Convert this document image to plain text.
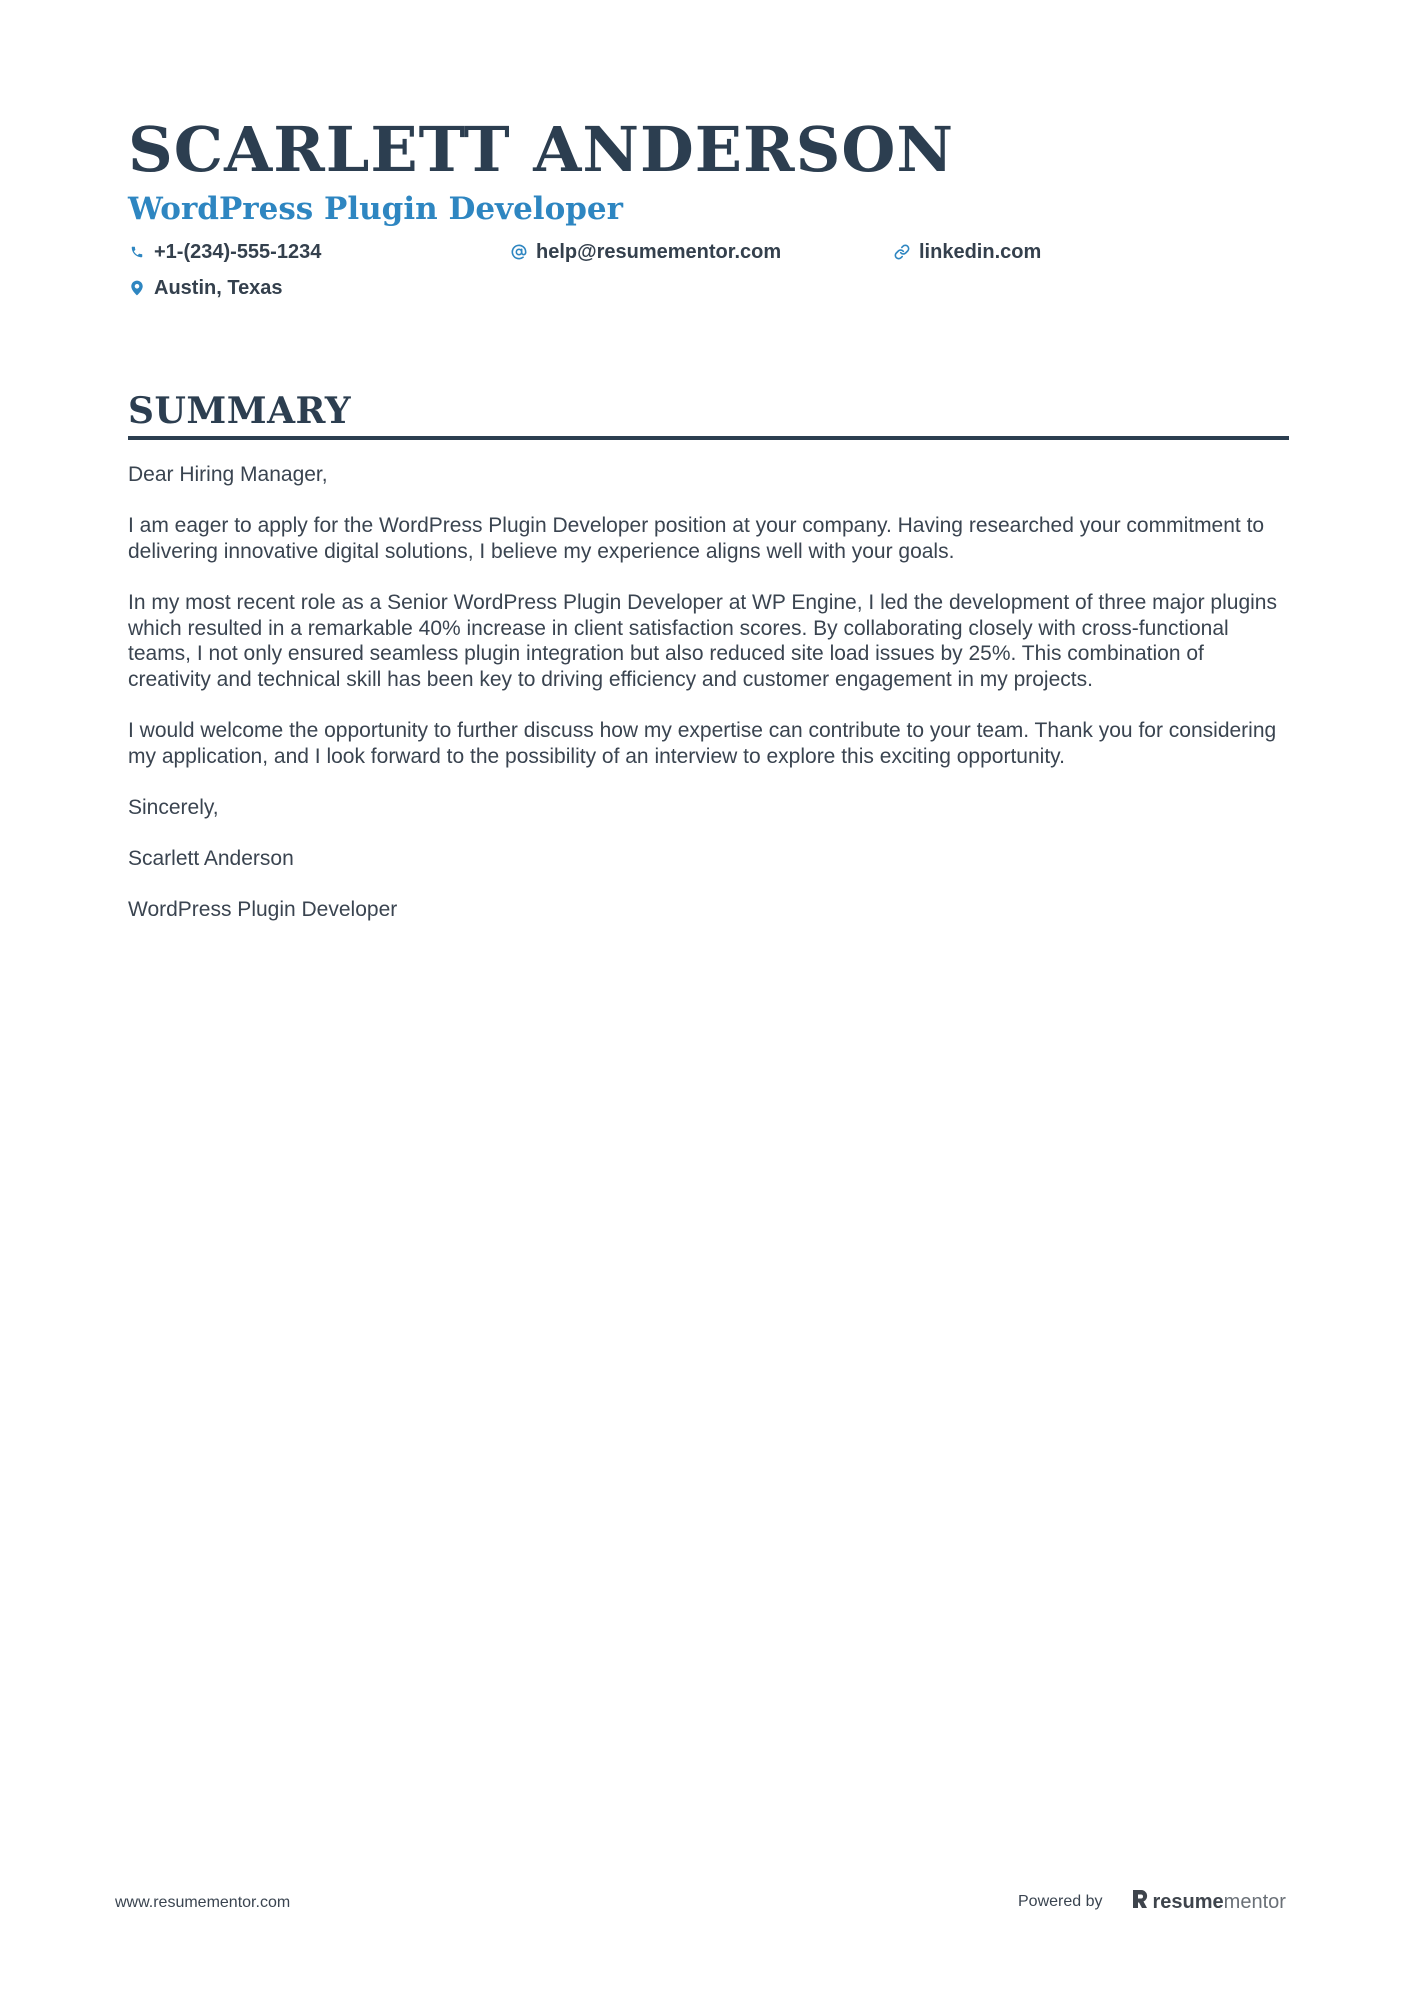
SCARLETT ANDERSON
WordPress Plugin Developer
+1-(234)-555-1234	help@resumementor.com	linkedin.com
Austin, Texas
SUMMARY

Dear Hiring Manager,

I am eager to apply for the WordPress Plugin Developer position at your company. Having researched your commitment to delivering innovative digital solutions, I believe my experience aligns well with your goals.

In my most recent role as a Senior WordPress Plugin Developer at WP Engine, I led the development of three major plugins which resulted in a remarkable 40% increase in client satisfaction scores. By collaborating closely with cross-functional teams, I not only ensured seamless plugin integration but also reduced site load issues by 25%. This combination of creativity and technical skill has been key to driving efficiency and customer engagement in my projects.

I would welcome the opportunity to further discuss how my expertise can contribute to your team. Thank you for considering my application, and I look forward to the possibility of an interview to explore this exciting opportunity.

Sincerely,

Scarlett Anderson

WordPress Plugin Developer

www.resumementor.com	Powered by	resume mentor
